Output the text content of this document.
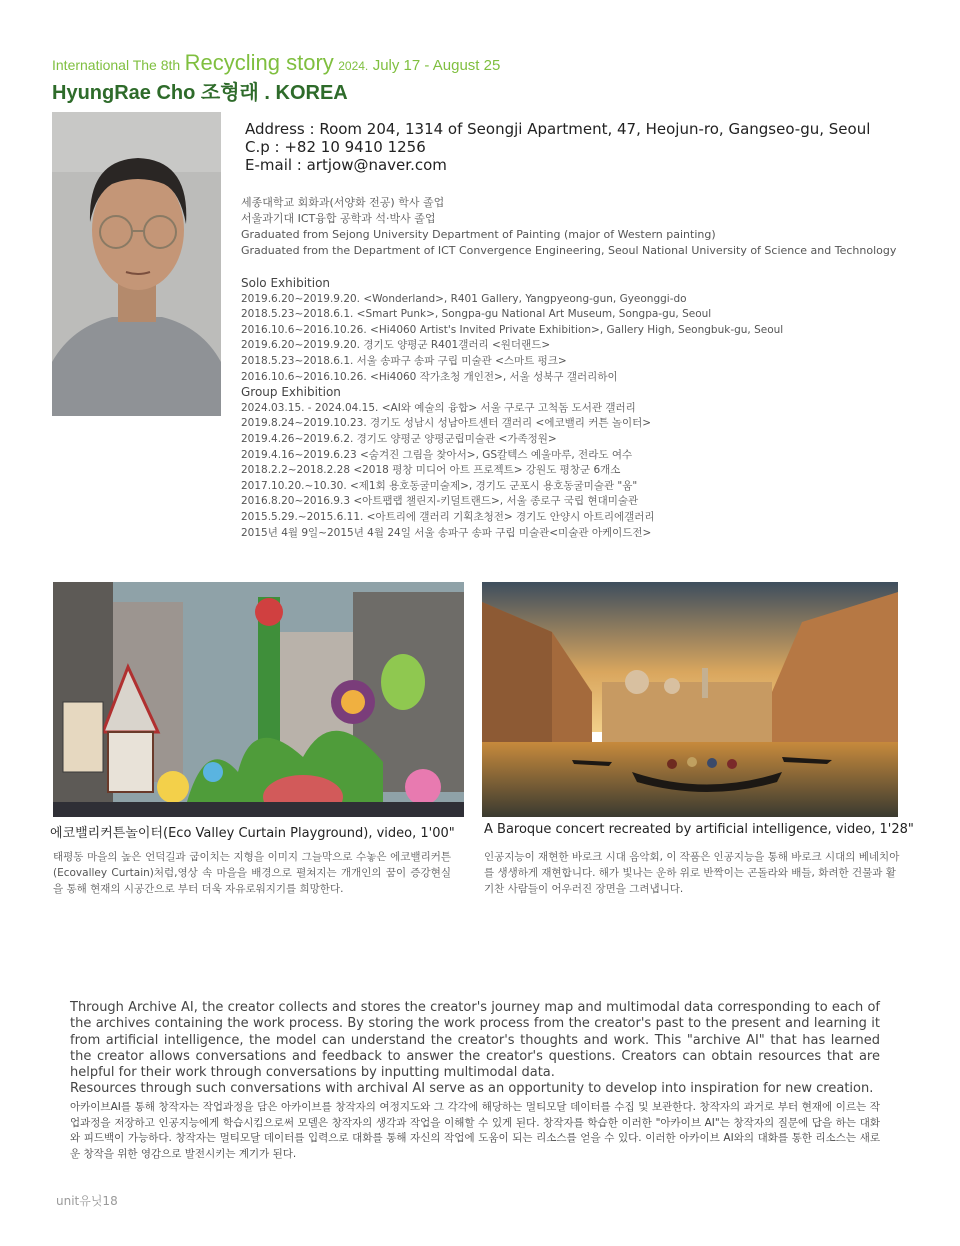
International The 8th Recycling story 2024. July 17 - August 25
HyungRae Cho 조형래 . KOREA
Address : Room 204, 1314 of Seongji Apartment, 47, Heojun-ro, Gangseo-gu, Seoul
C.p : +82 10 9410 1256
E-mail : artjow@naver.com
세종대학교 회화과(서양화 전공) 학사 졸업
서울과기대 ICT융합 공학과 석·박사 졸업
Graduated from Sejong University Department of Painting (major of Western painting)
Graduated from the Department of ICT Convergence Engineering, Seoul National University of Science and Technology
Solo Exhibition
2019.6.20~2019.9.20. <Wonderland>, R401 Gallery, Yangpyeong-gun, Gyeonggi-do
2018.5.23~2018.6.1. <Smart Punk>, Songpa-gu National Art Museum, Songpa-gu, Seoul
2016.10.6~2016.10.26. <Hi4060 Artist's Invited Private Exhibition>, Gallery High, Seongbuk-gu, Seoul
2019.6.20~2019.9.20. 경기도 양평군 R401갤러리 <원더랜드>
2018.5.23~2018.6.1. 서울 송파구 송파 구립 미술관 <스마트 펑크>
2016.10.6~2016.10.26. <Hi4060 작가초청 개인전>, 서울 성북구 갤러리하이
Group Exhibition
2024.03.15. - 2024.04.15. <AI와 예술의 융합> 서울 구로구 고척돔 도서관 갤러리
2019.8.24~2019.10.23. 경기도 성남시 성남아트센터 갤러리 <에코밸리 커튼 놀이터>
2019.4.26~2019.6.2. 경기도 양평군 양평군립미술관 <가족정원>
2019.4.16~2019.6.23 <숨겨진 그림을 찾아서>, GS칼텍스 예울마루, 전라도 여수
2018.2.2~2018.2.28 <2018 평창 미디어 아트 프로젝트> 강원도 평창군 6개소
2017.10.20.~10.30. <제1회 용호동굴미술제>, 경기도 군포시 용호동굴미술관 "움"
2016.8.20~2016.9.3 <아트팹랩 챌린지-키덜트랜드>, 서울 종로구 국립 현대미술관
2015.5.29.~2015.6.11. <아트리에 갤러리 기획초청전> 경기도 안양시 아트리에갤러리
2015년 4월 9일~2015년 4월 24일 서울 송파구 송파 구립 미술관<미술관 아케이드전>
에코밸리커튼놀이터(Eco Valley Curtain Playground), video, 1'00" A Baroque concert recreated by artificial intelligence, video, 1'28"
태평동 마을의 높은 언덕길과 굽이치는 지형을 이미지 그늘막으로 수놓은 에코밸리커튼(Ecovalley Curtain)처럼,영상 속 마을을 배경으로 펼쳐지는 개개인의 꿈이 증강현실을 통해 현재의 시공간으로 부터 더욱 자유로워지기를 희망한다.
인공지능이 재현한 바로크 시대 음악회, 이 작품은 인공지능을 통해 바로크 시대의 베네치아를 생생하게 재현합니다. 해가 빛나는 운하 위로 반짝이는 곤돌라와 배들, 화려한 건물과 활기찬 사람들이 어우러진 장면을 그려냅니다.
Through Archive AI, the creator collects and stores the creator's journey map and multimodal data corresponding to each of the archives containing the work process. By storing the work process from the creator's past to the present and learning it from artificial intelligence, the model can understand the creator's thoughts and work. This "archive AI" that has learned the creator allows conversations and feedback to answer the creator's questions. Creators can obtain resources that are helpful for their work through conversations by inputting multimodal data.
Resources through such conversations with archival AI serve as an opportunity to develop into inspiration for new creation.
아카이브AI를 통해 창작자는 작업과정을 담은 아카이브를 창작자의 여정지도와 그 각각에 해당하는 멀티모달 데이터를 수집 및 보관한다. 창작자의 과거로 부터 현재에 이르는 작업과정을 저장하고 인공지능에게 학습시킴으로써 모델은 창작자의 생각과 작업을 이해할 수 있게 된다. 창작자를 학습한 이러한 "아카이브 AI"는 창작자의 질문에 답을 하는 대화와 피드백이 가능하다. 창작자는 멀티모달 데이터를 입력으로 대화를 통해 자신의 작업에 도움이 되는 리소스를 얻을 수 있다. 이러한 아카이브 AI와의 대화를 통한 리소스는 새로운 창작을 위한 영감으로 발전시키는 계기가 된다.
unit유닛18
